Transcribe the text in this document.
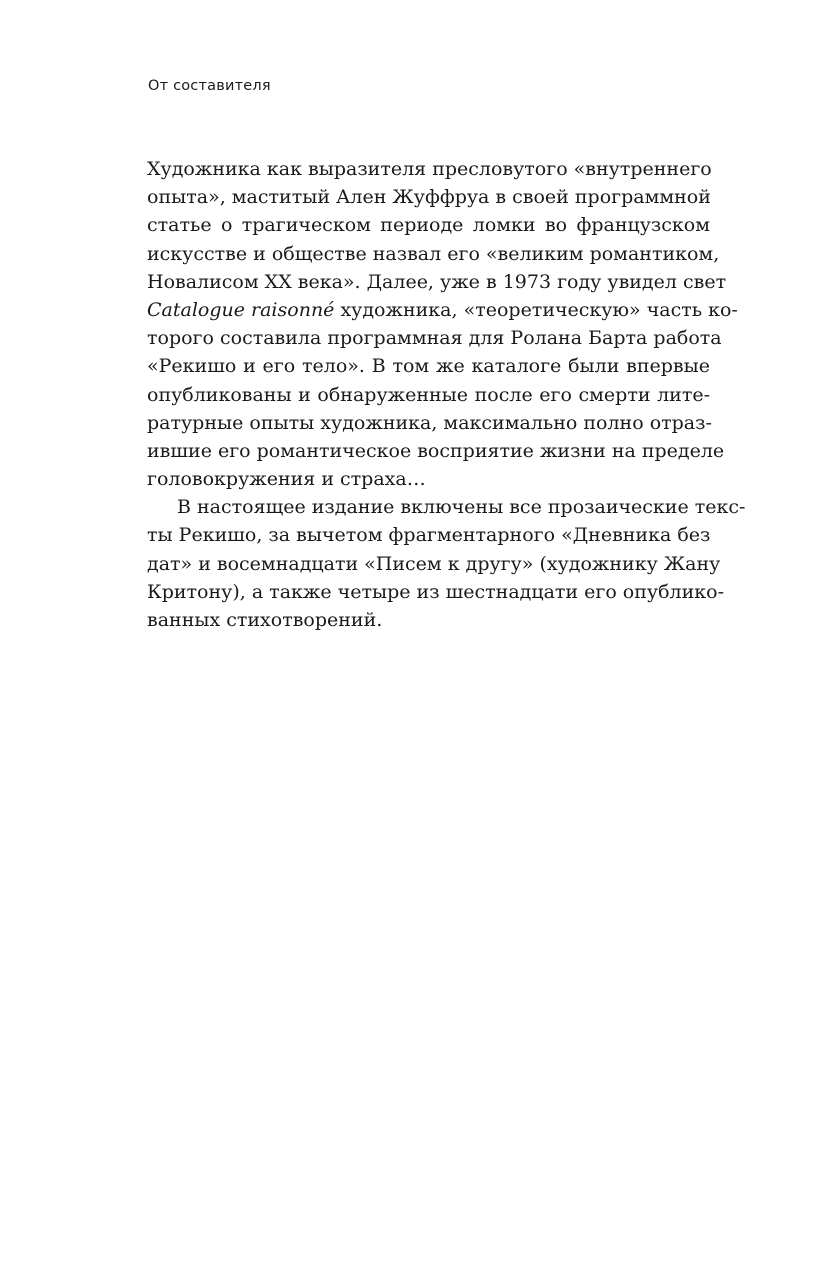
От составителя
Художника как выразителя пресловутого «внутреннего
опыта», маститый Ален Жуффруа в своей программной
статье о трагическом периоде ломки во французском
искусстве и обществе назвал его «великим романтиком,
Новалисом XX века». Далее, уже в 1973 году увидел свет
Catalogue raisonné художника, «теоретическую» часть ко-
торого составила программная для Ролана Барта работа
«Рекишо и его тело». В том же каталоге были впервые
опубликованы и обнаруженные после его смерти лите-
ратурные опыты художника, максимально полно отраз-
ившие его романтическое восприятие жизни на пределе
головокружения и страха…
В настоящее издание включены все прозаические текс-
ты Рекишо, за вычетом фрагментарного «Дневника без
дат» и восемнадцати «Писем к другу» (художнику Жану
Критону), а также четыре из шестнадцати его опублико-
ванных стихотворений.
